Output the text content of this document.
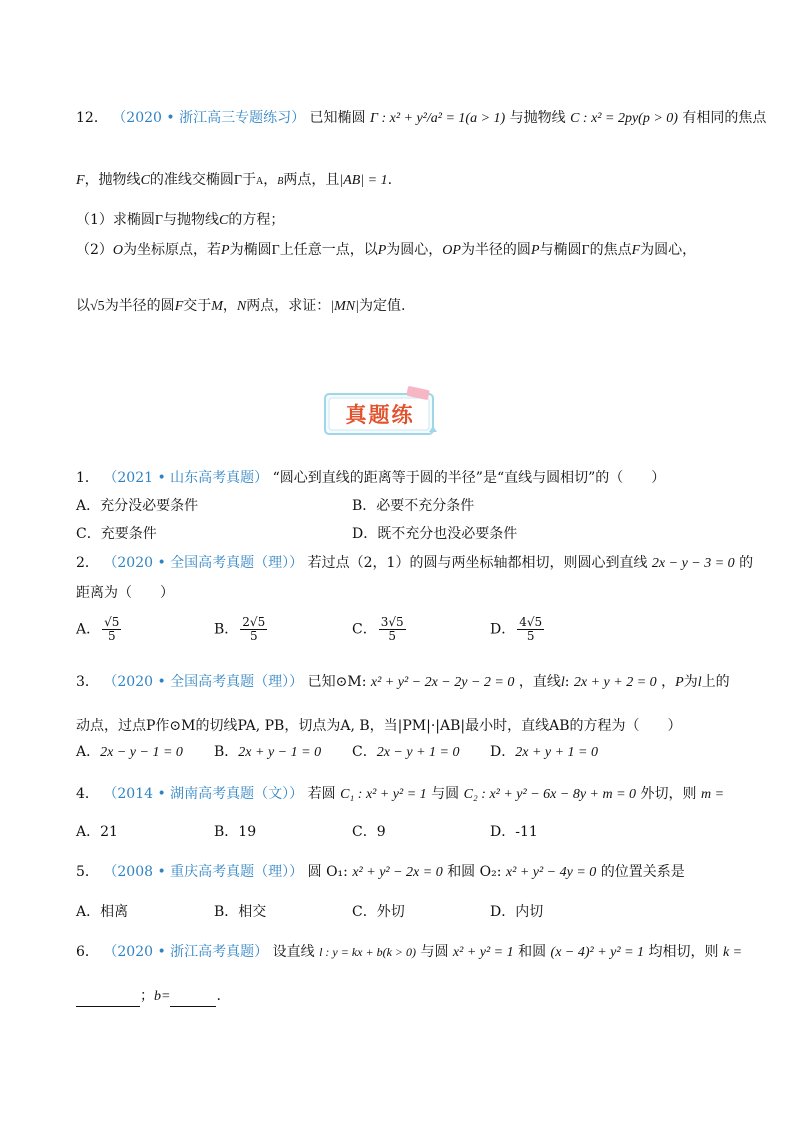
12． （2020 • 浙江高三专题练习） 已知椭圆 Γ : x² + y²/a² = 1(a > 1) 与抛物线 C : x² = 2py(p > 0) 有相同的焦点
F，抛物线C的准线交椭圆Γ于A，B两点，且|AB| = 1.
（1）求椭圆Γ与抛物线C的方程；
（2）O为坐标原点，若P为椭圆Γ上任意一点，以P为圆心，OP为半径的圆P与椭圆Γ的焦点F为圆心，
以√5为半径的圆F交于M，N两点，求证：|MN|为定值.
真题练
1． （2021 • 山东高考真题） “圆心到直线的距离等于圆的半径”是“直线与圆相切”的（　　）
A．充分没必要条件	B．必要不充分条件
C．充要条件	D．既不充分也没必要条件
2． （2020 • 全国高考真题（理）） 若过点（2，1）的圆与两坐标轴都相切，则圆心到直线 2x − y − 3 = 0 的
距离为（　　）
A． $\frac{√5}{5}$	B． $\frac{2√5}{5}$	C． $\frac{3√5}{5}$	D． $\frac{4√5}{5}$
3． （2020 • 全国高考真题（理）） 已知⊙M: x² + y² − 2x − 2y − 2 = 0 ，直线l: 2x + y + 2 = 0 ，P为l上的
动点，过点P作⊙M的切线PA, PB，切点为A, B，当|PM|·|AB|最小时，直线AB的方程为（　　）
A．2x − y − 1 = 0 B．2x + y − 1 = 0 C．2x − y + 1 = 0 D．2x + y + 1 = 0
4． （2014 • 湖南高考真题（文）） 若圆 C₁ : x² + y² = 1 与圆 C₂ : x² + y² − 6x − 8y + m = 0 外切，则 m =
A．21	B．19	C．9	D．-11
5． （2008 • 重庆高考真题（理）） 圆 O₁: x² + y² − 2x = 0 和圆 O₂: x² + y² − 4y = 0 的位置关系是
A．相离	B．相交	C．外切	D．内切
6． （2020 • 浙江高考真题） 设直线 l : y = kx + b(k > 0) 与圆 x² + y² = 1 和圆 (x − 4)² + y² = 1 均相切，则 k =
；b=	.
